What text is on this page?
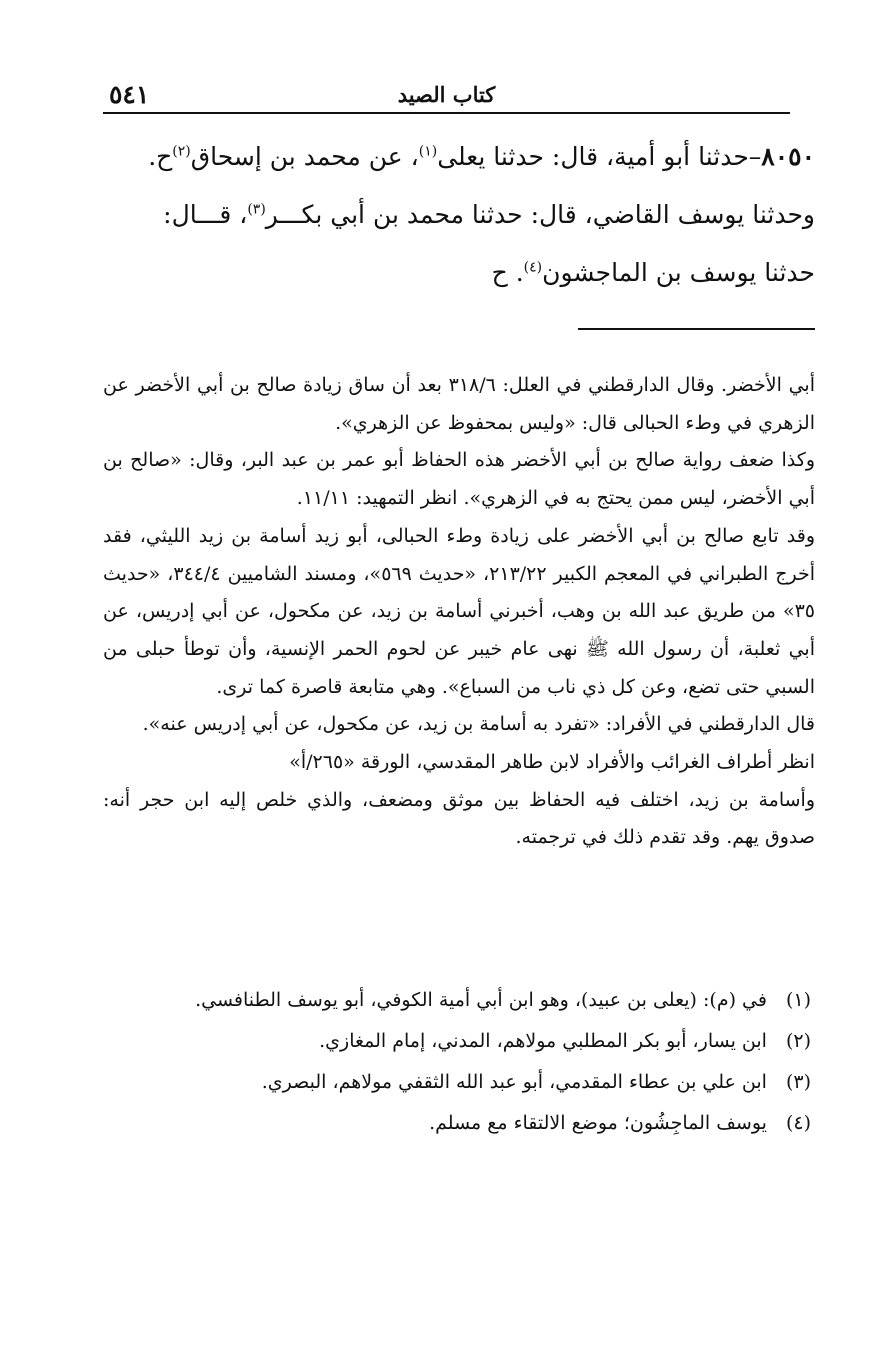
كتاب الصيد
٥٤١

٨٠٥٠–حدثنا أبو أمية، قال: حدثنا يعلى$^{(١)}$، عن محمد بن إسحاق$^{(٢)}$ح.

وحدثنا يوسف القاضي، قال: حدثنا محمد بن أبي بكـــر$^{(٣)}$، قـــال:

حدثنا يوسف بن الماجشون$^{(٤)}$. ح

أبي الأخضر. وقال الدارقطني في العلل: ٣١٨/٦ بعد أن ساق زيادة صالح بن أبي الأخضر عن الزهري في وطء الحبالى قال: «وليس بمحفوظ عن الزهري».

وكذا ضعف رواية صالح بن أبي الأخضر هذه الحفاظ أبو عمر بن عبد البر، وقال: «صالح بن أبي الأخضر، ليس ممن يحتج به في الزهري». انظر التمهيد: ١١/١١.

وقد تابع صالح بن أبي الأخضر على زيادة وطء الحبالى، أبو زيد أسامة بن زيد الليثي، فقد أخرج الطبراني في المعجم الكبير ٢١٣/٢٢، «حديث ٥٦٩»، ومسند الشاميين ٣٤٤/٤، «حديث ٣٥» من طريق عبد الله بن وهب، أخبرني أسامة بن زيد، عن مكحول، عن أبي إدريس، عن أبي ثعلبة، أن رسول الله ﷺ نهى عام خيبر عن لحوم الحمر الإنسية، وأن توطأ حبلى من السبي حتى تضع، وعن كل ذي ناب من السباع». وهي متابعة قاصرة كما ترى.

قال الدارقطني في الأفراد: «تفرد به أسامة بن زيد، عن مكحول، عن أبي إدريس عنه».

انظر أطراف الغرائب والأفراد لابن طاهر المقدسي، الورقة «٢٦٥/أ»

وأسامة بن زيد، اختلف فيه الحفاظ بين موثق ومضعف، والذي خلص إليه ابن حجر أنه: صدوق يهم. وقد تقدم ذلك في ترجمته.

(١) في (م): (يعلى بن عبيد)، وهو ابن أبي أمية الكوفي، أبو يوسف الطنافسي.
(٢) ابن يسار، أبو بكر المطلبي مولاهم، المدني، إمام المغازي.
(٣) ابن علي بن عطاء المقدمي، أبو عبد الله الثقفي مولاهم، البصري.
(٤) يوسف الماجِشُون؛ موضع الالتقاء مع مسلم.
